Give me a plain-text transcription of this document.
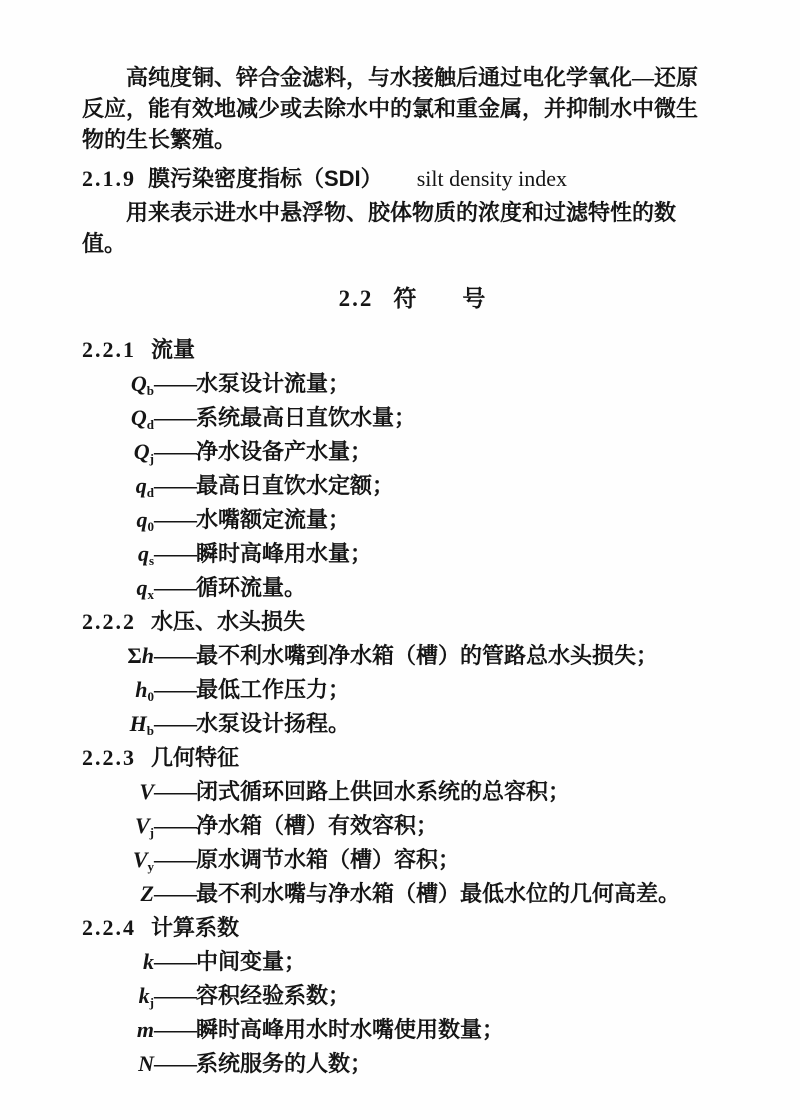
高纯度铜、锌合金滤料，与水接触后通过电化学氧化—还原
反应，能有效地减少或去除水中的氯和重金属，并抑制水中微生
物的生长繁殖。
2.1.9 膜污染密度指标（SDI） silt density index
用来表示进水中悬浮物、胶体物质的浓度和过滤特性的数
值。
2.2 符　　号
2.2.1 流量
$Q_b——$水泵设计流量；
$Q_d——$系统最高日直饮水量；
$Q_j——$净水设备产水量；
$q_d——$最高日直饮水定额；
$q_0——$水嘴额定流量；
$q_s——$瞬时高峰用水量；
$q_x——$循环流量。
2.2.2 水压、水头损失
Σh——最不利水嘴到净水箱（槽）的管路总水头损失；
$h_0——$最低工作压力；
$H_b——$水泵设计扬程。
2.2.3 几何特征
V——闭式循环回路上供回水系统的总容积；
$V_j——$净水箱（槽）有效容积；
$V_y——$原水调节水箱（槽）容积；
Z——最不利水嘴与净水箱（槽）最低水位的几何高差。
2.2.4 计算系数
k——中间变量；
$k_j——$容积经验系数；
m——瞬时高峰用水时水嘴使用数量；
N——系统服务的人数；
